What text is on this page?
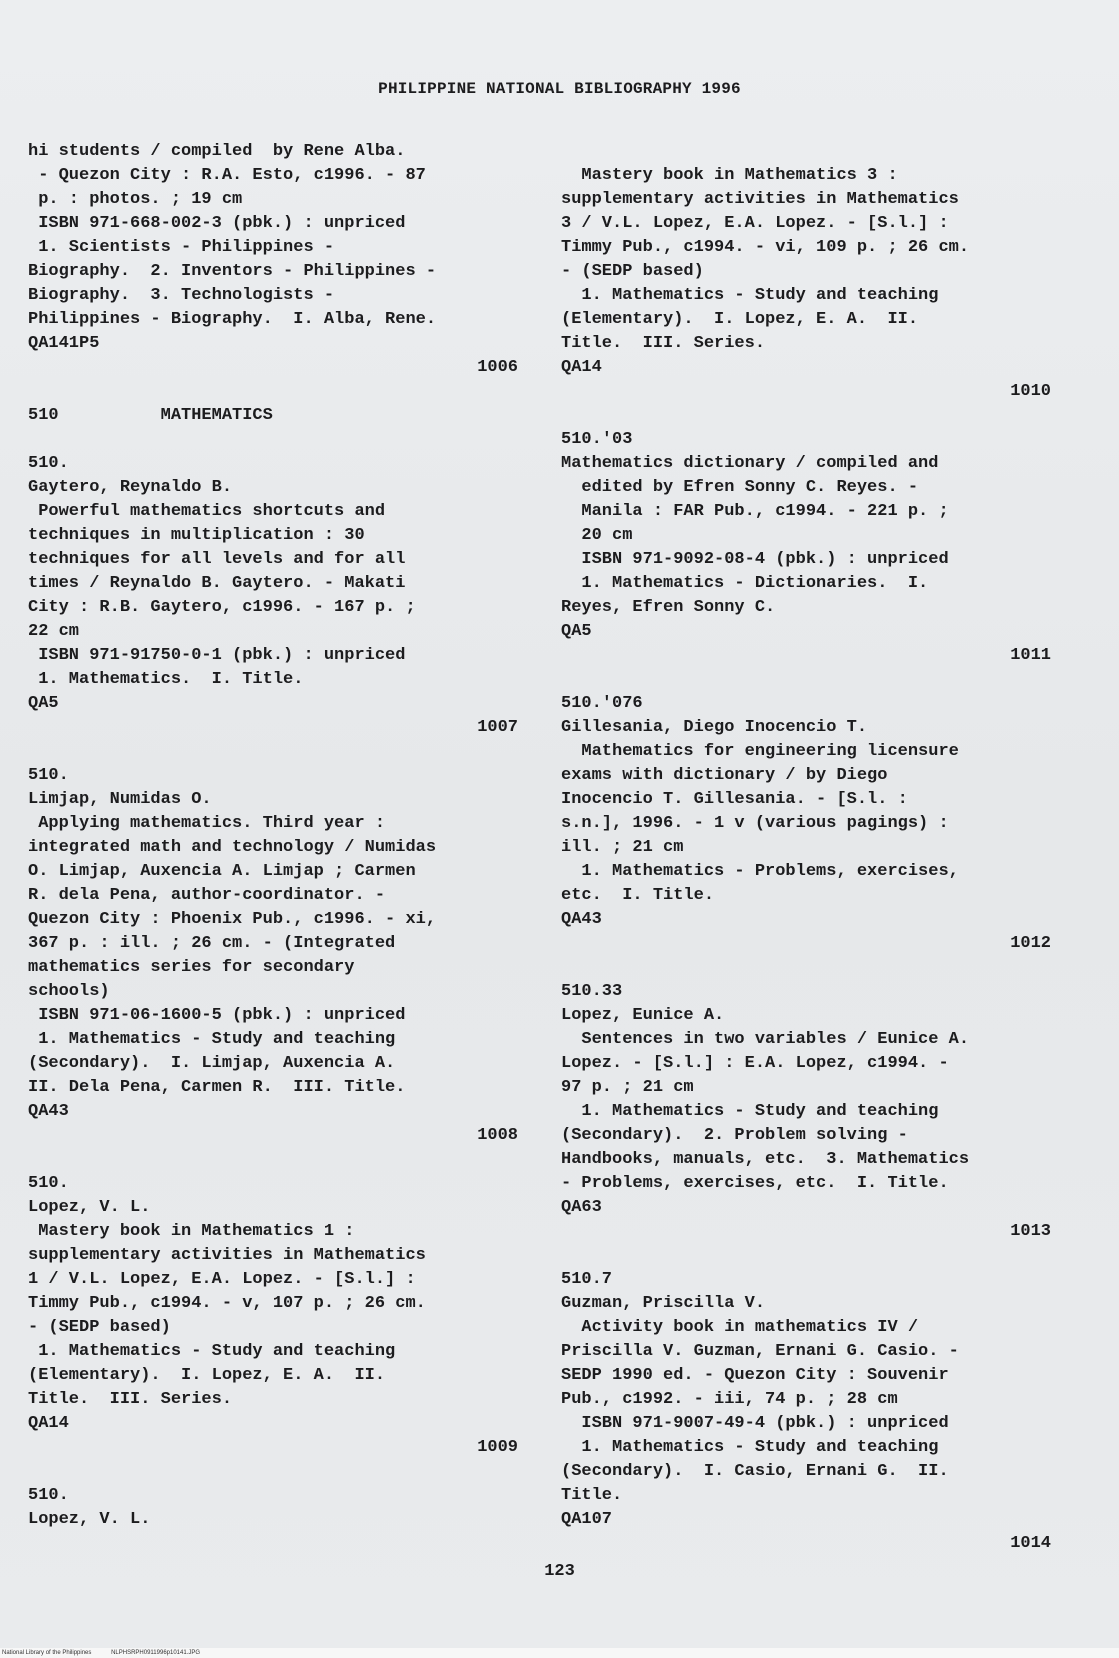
PHILIPPINE NATIONAL BIBLIOGRAPHY 1996
hi students / compiled  by Rene Alba.
- Quezon City : R.A. Esto, c1996. - 87
p. : photos. ; 19 cm
ISBN 971-668-002-3 (pbk.) : unpriced
1. Scientists - Philippines -
Biography.  2. Inventors - Philippines -
Biography.  3. Technologists -
Philippines - Biography.  I. Alba, Rene.
QA141P5
1006
510          MATHEMATICS
510.
Gaytero, Reynaldo B.
Powerful mathematics shortcuts and
techniques in multiplication : 30
techniques for all levels and for all
times / Reynaldo B. Gaytero. - Makati
City : R.B. Gaytero, c1996. - 167 p. ;
22 cm
ISBN 971-91750-0-1 (pbk.) : unpriced
1. Mathematics.  I. Title.
QA5
1007
510.
Limjap, Numidas O.
Applying mathematics. Third year :
integrated math and technology / Numidas
O. Limjap, Auxencia A. Limjap ; Carmen
R. dela Pena, author-coordinator. -
Quezon City : Phoenix Pub., c1996. - xi,
367 p. : ill. ; 26 cm. - (Integrated
mathematics series for secondary
schools)
ISBN 971-06-1600-5 (pbk.) : unpriced
1. Mathematics - Study and teaching
(Secondary).  I. Limjap, Auxencia A.
II. Dela Pena, Carmen R.  III. Title.
QA43
1008
510.
Lopez, V. L.
Mastery book in Mathematics 1 :
supplementary activities in Mathematics
1 / V.L. Lopez, E.A. Lopez. - [S.l.] :
Timmy Pub., c1994. - v, 107 p. ; 26 cm.
- (SEDP based)
1. Mathematics - Study and teaching
(Elementary).  I. Lopez, E. A.  II.
Title.  III. Series.
QA14
1009
510.
Lopez, V. L.
Mastery book in Mathematics 3 :
supplementary activities in Mathematics
3 / V.L. Lopez, E.A. Lopez. - [S.l.] :
Timmy Pub., c1994. - vi, 109 p. ; 26 cm.
- (SEDP based)
1. Mathematics - Study and teaching
(Elementary).  I. Lopez, E. A.  II.
Title.  III. Series.
QA14
1010
510.'03
Mathematics dictionary / compiled and
edited by Efren Sonny C. Reyes. -
Manila : FAR Pub., c1994. - 221 p. ;
20 cm
ISBN 971-9092-08-4 (pbk.) : unpriced
1. Mathematics - Dictionaries.  I.
Reyes, Efren Sonny C.
QA5
1011
510.'076
Gillesania, Diego Inocencio T.
Mathematics for engineering licensure
exams with dictionary / by Diego
Inocencio T. Gillesania. - [S.l. :
s.n.], 1996. - 1 v (various pagings) :
ill. ; 21 cm
1. Mathematics - Problems, exercises,
etc.  I. Title.
QA43
1012
510.33
Lopez, Eunice A.
Sentences in two variables / Eunice A.
Lopez. - [S.l.] : E.A. Lopez, c1994. -
97 p. ; 21 cm
1. Mathematics - Study and teaching
(Secondary).  2. Problem solving -
Handbooks, manuals, etc.  3. Mathematics
- Problems, exercises, etc.  I. Title.
QA63
1013
510.7
Guzman, Priscilla V.
Activity book in mathematics IV /
Priscilla V. Guzman, Ernani G. Casio. -
SEDP 1990 ed. - Quezon City : Souvenir
Pub., c1992. - iii, 74 p. ; 28 cm
ISBN 971-9007-49-4 (pbk.) : unpriced
1. Mathematics - Study and teaching
(Secondary).  I. Casio, Ernani G.  II.
Title.
QA107
1014
123
National Library of the Philippines	NLPHSRPH0911996p10141.JPG
